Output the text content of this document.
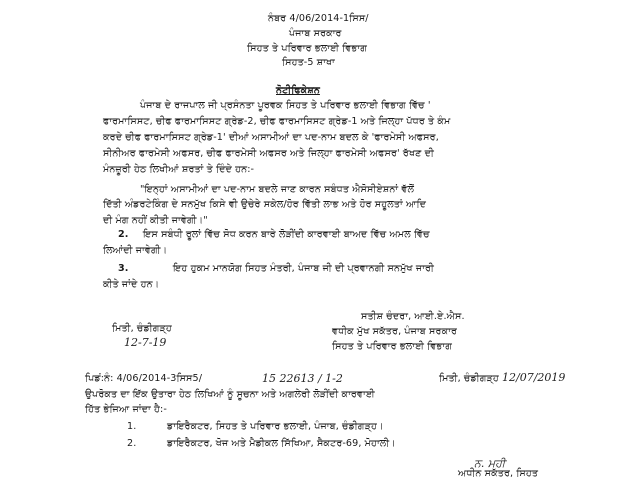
ਨੰਬਰ 4/06/2014-1ਸਿਸ/
ਪੰਜਾਬ ਸਰਕਾਰ
ਸਿਹਤ ਤੇ ਪਰਿਵਾਰ ਭਲਾਈ ਵਿਭਾਗ
ਸਿਹਤ-5 ਸ਼ਾਖਾ
ਨੋਟੀਫਿਕੇਸ਼ਨ
ਪੰਜਾਬ ਦੇ ਰਾਜਪਾਲ ਜੀ ਪ੍ਰਸੰਨਤਾ ਪੂਰਵਕ ਸਿਹਤ ਤੇ ਪਰਿਵਾਰ ਭਲਾਈ ਵਿਭਾਗ ਵਿੱਚ '
ਫਾਰਮਾਸਿਸਟ, ਚੀਫ ਫਾਰਮਾਸਿਸਟ ਗ੍ਰੇਡ-2, ਚੀਫ ਫਾਰਮਾਸਿਸਟ ਗ੍ਰੇਡ-1 ਅਤੇ ਜਿਲ੍ਹਾ ਪੱਧਰ ਤੇ ਕੰਮ
ਕਰਦੇ ਚੀਫ ਫਾਰਮਾਸਿਸਟ ਗ੍ਰੇਡ-1' ਦੀਆਂ ਅਸਾਮੀਆਂ ਦਾ ਪਦ-ਨਾਮ ਬਦਲ ਕੇ 'ਫਾਰਮੇਸੀ ਅਫਸਰ,
ਸੀਨੀਅਰ ਫਾਰਮੇਸੀ ਅਫਸਰ, ਚੀਫ ਫਾਰਮੇਸੀ ਅਫਸਰ ਅਤੇ ਜਿਲ੍ਹਾ ਫਾਰਮੇਸੀ ਅਫਸਰ' ਰੱਖਣ ਦੀ
ਮੰਨਜ਼ੂਰੀ ਹੇਠ ਲਿਖੀਆਂ ਸ਼ਰਤਾਂ ਤੇ ਦਿੰਦੇ ਹਨ:-
"ਇਨ੍ਹਾਂ ਅਸਾਮੀਆਂ ਦਾ ਪਦ-ਨਾਮ ਬਦਲੇ ਜਾਣ ਕਾਰਨ ਸਬੰਧਤ ਐਸੋਸੀਏਸ਼ਨਾਂ ਵੱਲੋਂ
ਦਿੱਤੀ ਅੰਡਰਟੇਕਿੰਗ ਦੇ ਸਨਮੁੱਖ ਕਿਸੇ ਵੀ ਉਚੇਰੇ ਸਕੇਲ/ਹੋਰ ਵਿੱਤੀ ਲਾਭ ਅਤੇ ਹੋਰ ਸਹੂਲਤਾਂ ਆਦਿ
ਦੀ ਮੰਗ ਨਹੀਂ ਕੀਤੀ ਜਾਵੇਗੀ।"
2. ਇਸ ਸਬੰਧੀ ਰੂਲਾਂ ਵਿੱਚ ਸੋਧ ਕਰਨ ਬਾਰੇ ਲੋੜੀਂਦੀ ਕਾਰਵਾਈ ਬਾਅਦ ਵਿੱਚ ਅਮਲ ਵਿੱਚ
ਲਿਆਂਦੀ ਜਾਵੇਗੀ।
3.	ਇਹ ਹੁਕਮ ਮਾਨਯੋਗ ਸਿਹਤ ਮੰਤਰੀ, ਪੰਜਾਬ ਜੀ ਦੀ ਪ੍ਰਵਾਨਗੀ ਸਨਮੁੱਖ ਜਾਰੀ
ਕੀਤੇ ਜਾਂਦੇ ਹਨ।
ਸਤੀਸ਼ ਚੰਦਰਾ, ਆਈ.ਏ.ਐਸ.
ਵਧੀਕ ਮੁੱਖ ਸਕੱਤਰ, ਪੰਜਾਬ ਸਰਕਾਰ
ਸਿਹਤ ਤੇ ਪਰਿਵਾਰ ਭਲਾਈ ਵਿਭਾਗ
ਮਿਤੀ, ਚੰਡੀਗੜ੍ਹ
12-7-19
ਪਿਡਂ:ਨੰ: 4/06/2014-3ਸਿਸ5/	15 22613 / 1-2	ਮਿਤੀ, ਚੰਡੀਗੜ੍ਹ 12/07/2019
ਉਪਰੋਕਤ ਦਾ ਇੱਕ ਉਤਾਰਾ ਹੇਠ ਲਿਖਿਆਂ ਨੂੰ ਸੂਚਨਾ ਅਤੇ ਅਗਲੇਰੀ ਲੋੜੀਂਦੀ ਕਾਰਵਾਈ
ਹਿੱਤ ਭੇਜਿਆ ਜਾਂਦਾ ਹੈ:-
1.	ਡਾਇਰੈਕਟਰ, ਸਿਹਤ ਤੇ ਪਰਿਵਾਰ ਭਲਾਈ, ਪੰਜਾਬ, ਚੰਡੀਗੜ੍ਹ।
2.	ਡਾਇਰੈਕਟਰ, ਖੋਜ ਅਤੇ ਮੈਡੀਕਲ ਸਿੱਖਿਆ, ਸੈਕਟਰ-69, ਮੋਹਾਲੀ।
ਨ. ਮਹੀ
ਅਧੀਨ ਸਕੱਤਰ, ਸਿਹਤ
